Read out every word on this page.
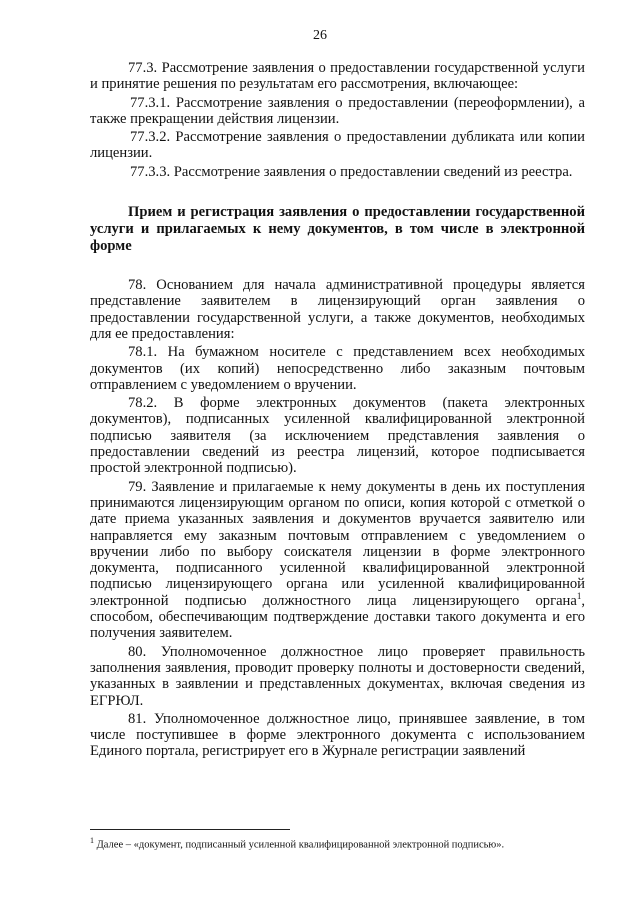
26

77.3. Рассмотрение заявления о предоставлении государственной услуги и принятие решения по результатам его рассмотрения, включающее:

77.3.1. Рассмотрение заявления о предоставлении (переоформлении), а также прекращении действия лицензии.

77.3.2. Рассмотрение заявления о предоставлении дубликата или копии лицензии.

77.3.3. Рассмотрение заявления о предоставлении сведений из реестра.

Прием и регистрация заявления о предоставлении государственной услуги и прилагаемых к нему документов, в том числе в электронной форме

78. Основанием для начала административной процедуры является представление заявителем в лицензирующий орган заявления о предоставлении государственной услуги, а также документов, необходимых для ее предоставления:

78.1. На бумажном носителе с представлением всех необходимых документов (их копий) непосредственно либо заказным почтовым отправлением с уведомлением о вручении.

78.2. В форме электронных документов (пакета электронных документов), подписанных усиленной квалифицированной электронной подписью заявителя (за исключением представления заявления о предоставлении сведений из реестра лицензий, которое подписывается простой электронной подписью).

79. Заявление и прилагаемые к нему документы в день их поступления принимаются лицензирующим органом по описи, копия которой с отметкой о дате приема указанных заявления и документов вручается заявителю или направляется ему заказным почтовым отправлением с уведомлением о вручении либо по выбору соискателя лицензии в форме электронного документа, подписанного усиленной квалифицированной электронной подписью лицензирующего органа или усиленной квалифицированной электронной подписью должностного лица лицензирующего органа$^1$, способом, обеспечивающим подтверждение доставки такого документа и его получения заявителем.

80. Уполномоченное должностное лицо проверяет правильность заполнения заявления, проводит проверку полноты и достоверности сведений, указанных в заявлении и представленных документах, включая сведения из ЕГРЮЛ.

81. Уполномоченное должностное лицо, принявшее заявление, в том числе поступившее в форме электронного документа с использованием Единого портала, регистрирует его в Журнале регистрации заявлений

$^1$ Далее – «документ, подписанный усиленной квалифицированной электронной подписью».
